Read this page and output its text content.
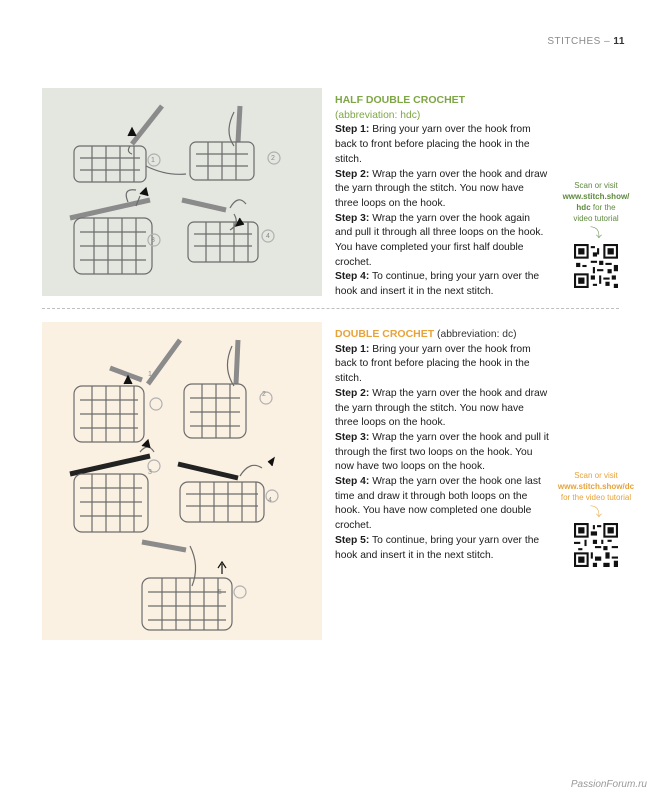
STITCHES – 11
1	2
3
4

HALF DOUBLE CROCHET

(abbreviation: hdc)

Step 1: Bring your yarn over the hook from back to front before placing the hook in the stitch.

Step 2: Wrap the yarn over the hook and draw the yarn through the stitch. You now have three loops on the hook.

Step 3: Wrap the yarn over the hook again and pull it through all three loops on the hook. You have completed your first half double crochet.

Step 4: To continue, bring your yarn over the hook and insert it in the next stitch.

Scan or visit
www.stitch.show/
hdc for the
video tutorial
⤵
1
2
3
4
5

DOUBLE CROCHET (abbreviation: dc)

Step 1: Bring your yarn over the hook from back to front before placing the hook in the stitch.

Step 2: Wrap the yarn over the hook and draw the yarn through the stitch. You now have three loops on the hook.

Step 3: Wrap the yarn over the hook and pull it through the first two loops on the hook. You now have two loops on the hook.

Step 4: Wrap the yarn over the hook one last time and draw it through both loops on the hook. You have now completed one double crochet.

Step 5: To continue, bring your yarn over the hook and insert it in the next stitch.

Scan or visit
www.stitch.show/dc
for the video tutorial
⤵
PassionForum.ru
